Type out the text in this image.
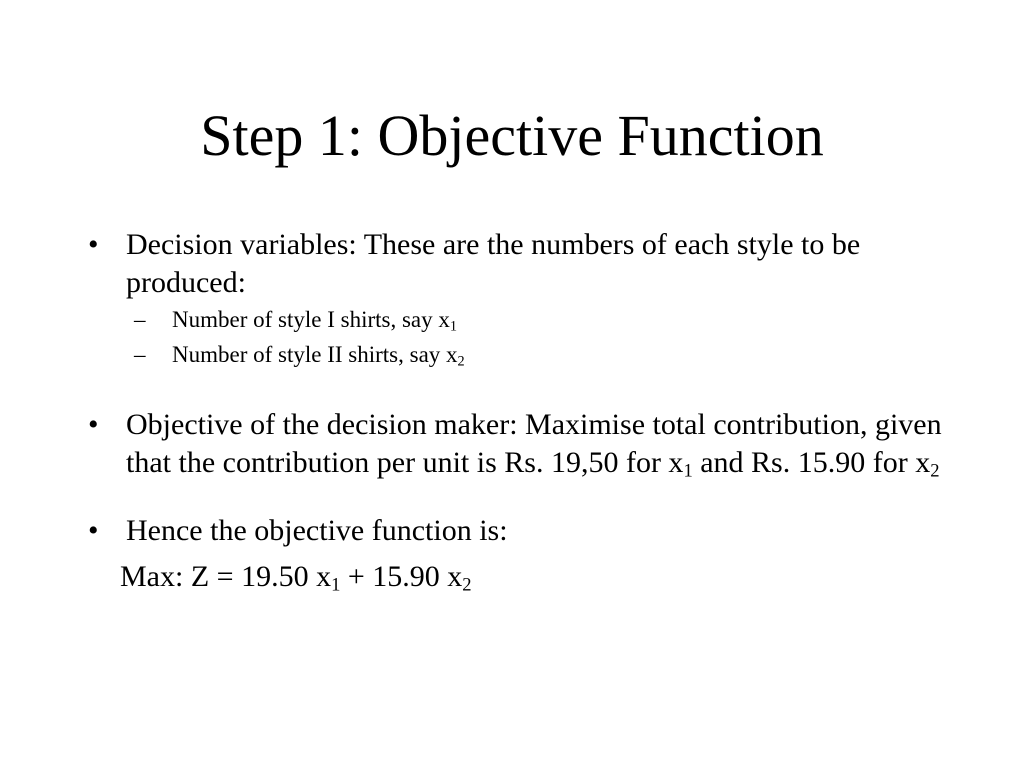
Step 1: Objective Function
• Decision variables: These are the numbers of each style to be produced:
– Number of style I shirts, say $x_1$
– Number of style II shirts, say $x_2$
• Objective of the decision maker: Maximise total contribution, given that the contribution per unit is Rs. 19,50 for $x_1$ and Rs. 15.90 for $x_2$
• Hence the objective function is:
Max: Z = 19.50 $x_1 + 15.90$ $x_2$
